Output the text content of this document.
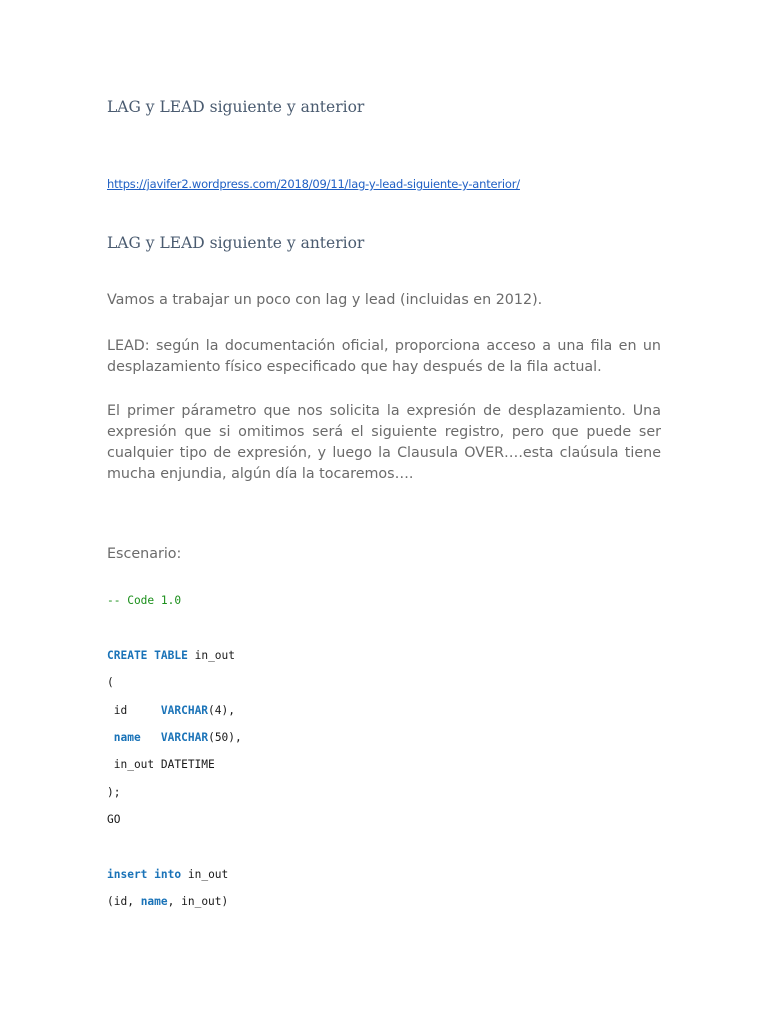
LAG y LEAD siguiente y anterior
https://javifer2.wordpress.com/2018/09/11/lag-y-lead-siguiente-y-anterior/
LAG y LEAD siguiente y anterior
Vamos a trabajar un poco con lag y lead (incluidas en 2012).

LEAD: según la documentación oficial, proporciona acceso a una fila en un desplazamiento físico especificado que hay después de la fila actual.

El primer párametro que nos solicita la expresión de desplazamiento. Una expresión que si omitimos será el siguiente registro, pero que puede ser cualquier tipo de expresión, y luego la Clausula OVER….esta claúsula tiene mucha enjundia, algún día la tocaremos….

Escenario:
-- Code 1.0
CREATE TABLE in_out
(
id     VARCHAR(4),
name VARCHAR(50),
in_out DATETIME
);
GO
insert into in_out
(id, name, in_out)
